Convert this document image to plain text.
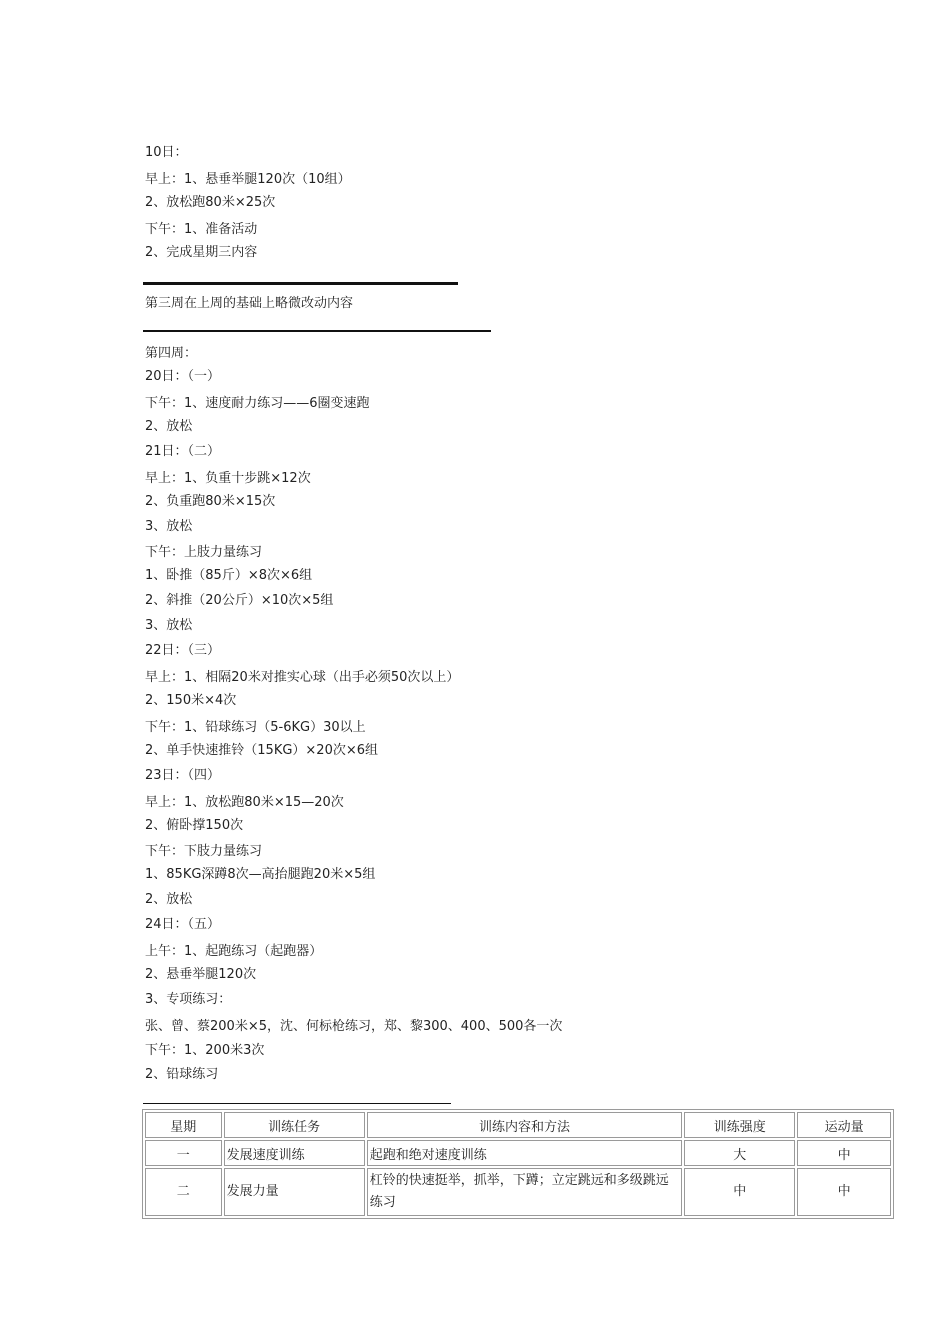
10日：
早上：1、悬垂举腿120次（10组）
2、放松跑80米×25次
下午：1、准备活动
2、完成星期三内容
第三周在上周的基础上略微改动内容
第四周：
20日：（一）
下午：1、速度耐力练习——6圈变速跑
2、放松
21日：（二）
早上：1、负重十步跳×12次
2、负重跑80米×15次
3、放松
下午：上肢力量练习
1、卧推（85斤）×8次×6组
2、斜推（20公斤）×10次×5组
3、放松
22日：（三）
早上：1、相隔20米对推实心球（出手必须50次以上）
2、150米×4次
下午：1、铅球练习（5-6KG）30以上
2、单手快速推铃（15KG）×20次×6组
23日：（四）
早上：1、放松跑80米×15—20次
2、俯卧撑150次
下午：下肢力量练习
1、85KG深蹲8次—高抬腿跑20米×5组
2、放松
24日：（五）
上午：1、起跑练习（起跑器）
2、悬垂举腿120次
3、专项练习：
张、曾、蔡200米×5，沈、何标枪练习，郑、黎300、400、500各一次
下午：1、200米3次
2、铅球练习
星期	训练任务	训练内容和方法	训练强度	运动量
一	发展速度训练	起跑和绝对速度训练	大	中
二	发展力量	杠铃的快速挺举，抓举，下蹲；立定跳远和多级跳远练习	中	中
